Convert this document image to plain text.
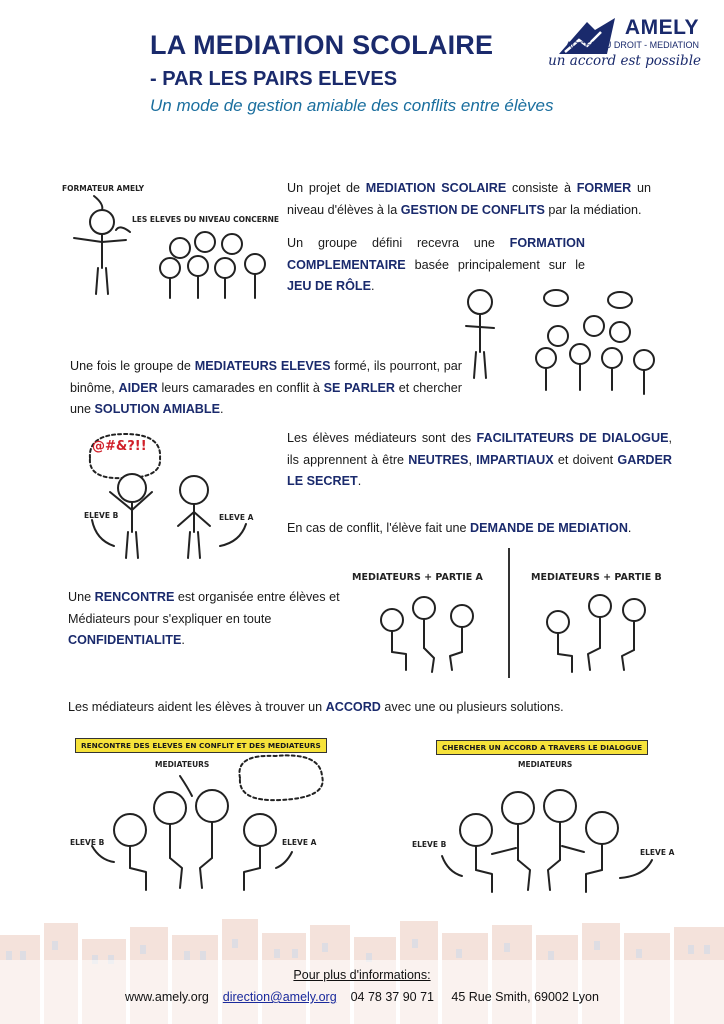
LA MEDIATION SCOLAIRE
- PAR LES PAIRS ELEVES
Un mode de gestion amiable des conflits entre élèves
AMELY
ACCES AU DROIT - MEDIATION
un accord est possible
Un projet de MEDIATION SCOLAIRE consiste à FORMER un niveau d'élèves à la GESTION DE CONFLITS par la médiation.
Un groupe défini recevra une FORMATION COMPLEMENTAIRE basée principalement sur le JEU DE RÔLE.
Une fois le groupe de MEDIATEURS ELEVES formé, ils pourront, par binôme, AIDER leurs camarades en conflit à SE PARLER et chercher une SOLUTION AMIABLE.
Les élèves médiateurs sont des FACILITATEURS DE DIALOGUE, ils apprennent à être NEUTRES, IMPARTIAUX et doivent GARDER LE SECRET.
En cas de conflit, l'élève fait une DEMANDE DE MEDIATION.
Une RENCONTRE est organisée entre élèves et Médiateurs pour s'expliquer en toute CONFIDENTIALITE.
Les médiateurs aident les élèves à trouver un ACCORD avec une ou plusieurs solutions.
FORMATEUR AMELY
LES ELEVES DU NIVEAU CONCERNE
@#&?!!
ELEVE B	ELEVE A
MEDIATEURS + PARTIE A	MEDIATEURS + PARTIE B
RENCONTRE DES ELEVES EN CONFLIT ET DES MEDIATEURS
MEDIATEURS
ELEVE B	ELEVE A
CHERCHER UN ACCORD A TRAVERS LE DIALOGUE
MEDIATEURS
ELEVE B
ELEVE A
Pour plus d'informations:
www.amely.org direction@amely.org 04 78 37 90 71 45 Rue Smith, 69002 Lyon
